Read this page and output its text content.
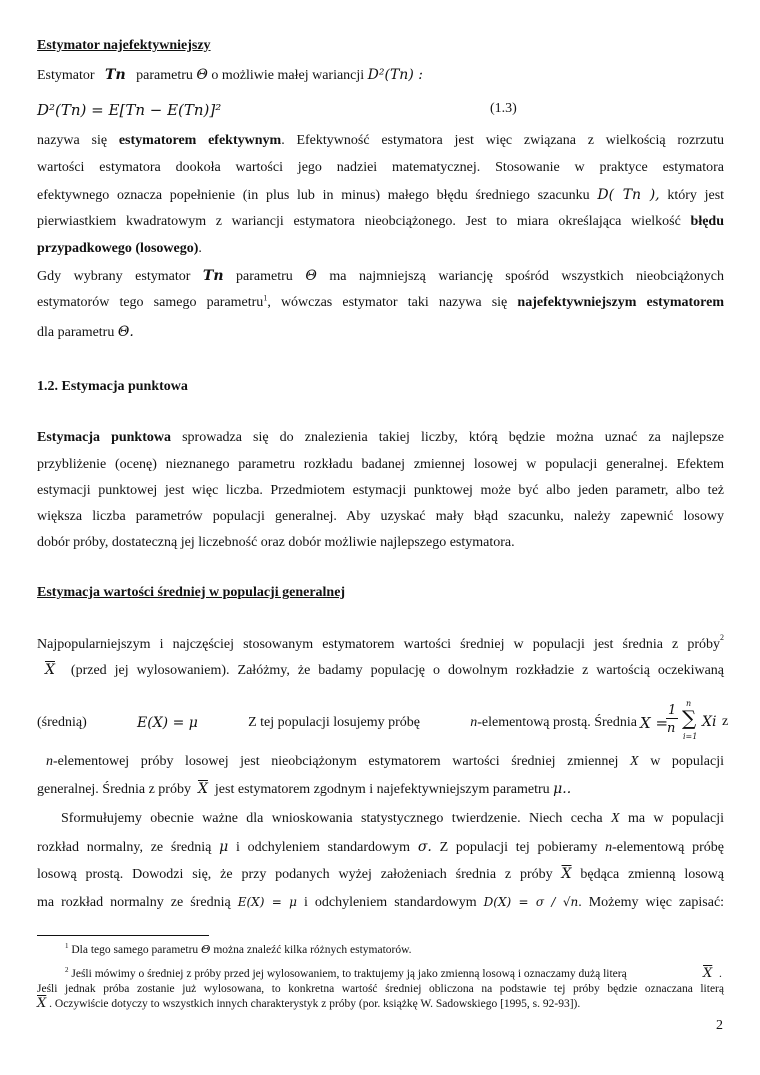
Estymator najefektywniejszy
Estymator Tn parametru Θ o możliwie małej wariancji D²(Tn) :
D²(Tn) = E[Tn − E(Tn)]²	(1.3)
nazywa się estymatorem efektywnym. Efektywność estymatora jest więc związana z wielkością rozrzutu
wartości estymatora dookoła wartości jego nadziei matematycznej. Stosowanie w praktyce estymatora
efektywnego oznacza popełnienie (in plus lub in minus) małego błędu średniego szacunku D( Tn ), który jest
pierwiastkiem kwadratowym z wariancji estymatora nieobciążonego. Jest to miara określająca wielkość błędu
przypadkowego (losowego).
Gdy wybrany estymator Tn parametru Θ ma najmniejszą wariancję spośród wszystkich nieobciążonych
estymatorów tego samego parametru$^1$, wówczas estymator taki nazywa się najefektywniejszym estymatorem
dla parametru Θ.
1.2. Estymacja punktowa
Estymacja punktowa sprowadza się do znalezienia takiej liczby, którą będzie można uznać za najlepsze
przybliżenie (ocenę) nieznanego parametru rozkładu badanej zmiennej losowej w populacji generalnej. Efektem
estymacji punktowej jest więc liczba. Przedmiotem estymacji punktowej może być albo jeden parametr, albo też
większa liczba parametrów populacji generalnej. Aby uzyskać mały błąd szacunku, należy zapewnić losowy
dobór próby, dostateczną jej liczebność oraz dobór możliwie najlepszego estymatora.
Estymacja wartości średniej w populacji generalnej
Najpopularniejszym i najczęściej stosowanym estymatorem wartości średniej w populacji jest średnia z próby 2
$\overline{X}$ (przed jej wylosowaniem). Załóżmy, że badamy populację o dowolnym rozkładzie z wartością oczekiwaną
(średnią)	E(X) = μ	Z tej populacji losujemy próbę	n-elementową prostą. Średnia X =
1
n
n
∑
i=1
Xi z
n-elementowej próby losowej jest nieobciążonym estymatorem wartości średniej zmiennej X w populacji
generalnej. Średnia z próby $\overline{X}$ jest estymatorem zgodnym i najefektywniejszym parametru μ..
Sformułujemy obecnie ważne dla wnioskowania statystycznego twierdzenie. Niech cecha X ma w populacji
rozkład normalny, ze średnią μ i odchyleniem standardowym σ. Z populacji tej pobieramy n-elementową próbę
losową prostą. Dowodzi się, że przy podanych wyżej założeniach średnia z próby $\overline{X}$ będąca zmienną losową
ma rozkład normalny ze średnią E(X) = μ i odchyleniem standardowym D(X) = σ / √n. Możemy więc zapisać:
$^1$ Dla tego samego parametru Θ można znaleźć kilka różnych estymatorów.
$^2$ Jeśli mówimy o średniej z próby przed jej wylosowaniem, to traktujemy ją jako zmienną losową i oznaczamy dużą literą	$\overline{X}$ .
Jeśli jednak próba zostanie już wylosowana, to konkretna wartość średniej obliczona na podstawie tej próby będzie oznaczana literą
$\overline{X}$ . Oczywiście dotyczy to wszystkich innych charakterystyk z próby (por. książkę W. Sadowskiego [1995, s. 92-93]).
2
